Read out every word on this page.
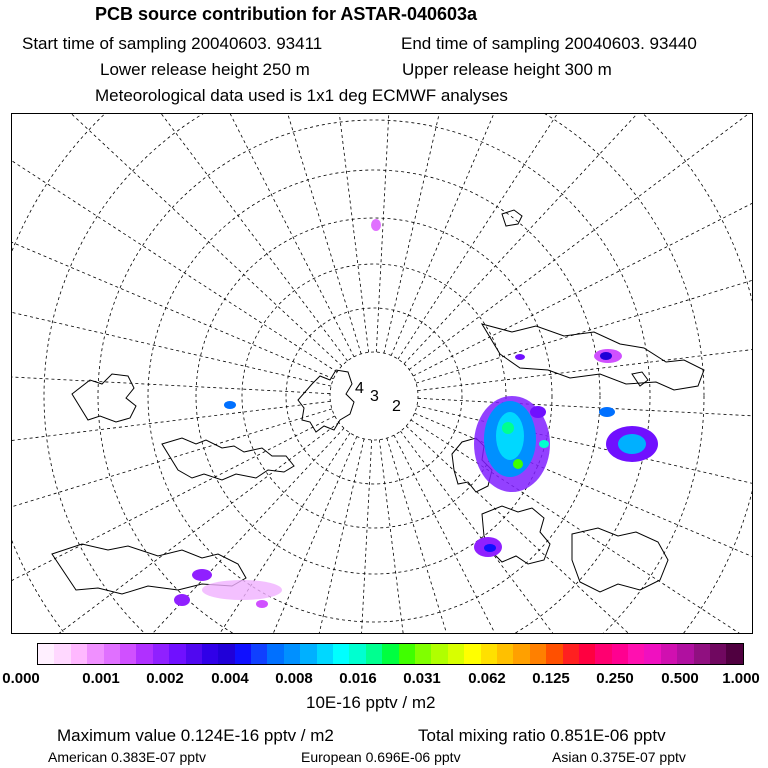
PCB source contribution for ASTAR-040603a
Start time of sampling 20040603. 93411	End time of sampling 20040603. 93440
Lower release height 250 m	Upper release height 300 m
Meteorological data used is 1x1 deg ECMWF analyses
2
3
4
0.000	0.001 0.002 0.004 0.008 0.016 0.031 0.062 0.125 0.250 0.500 1.000
10E-16 pptv / m2
Maximum value 0.124E-16 pptv / m2	Total mixing ratio 0.851E-06 pptv
American 0.383E-07 pptv	European 0.696E-06 pptv	Asian 0.375E-07 pptv
